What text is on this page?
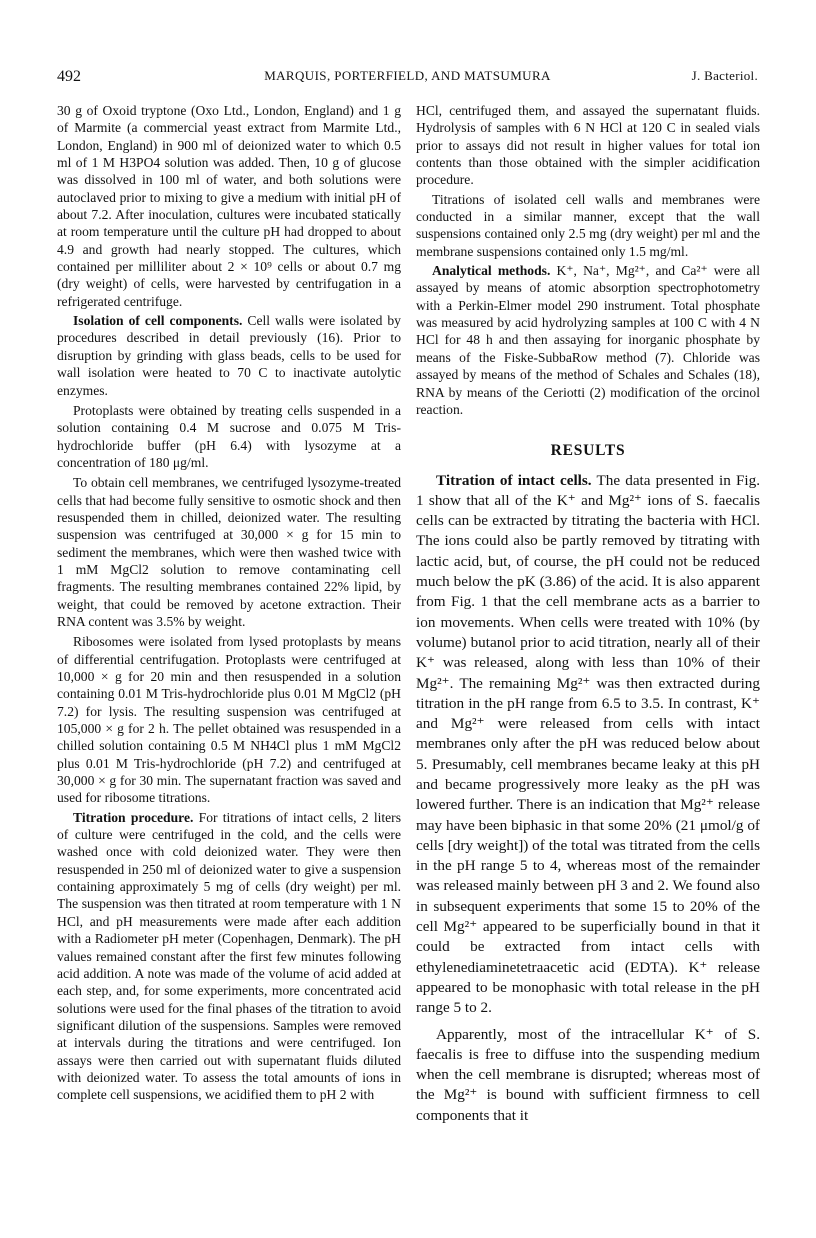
492	MARQUIS, PORTERFIELD, AND MATSUMURA	J. Bacteriol.

30 g of Oxoid tryptone (Oxo Ltd., London, England) and 1 g of Marmite (a commercial yeast extract from Marmite Ltd., London, England) in 900 ml of deionized water to which 0.5 ml of 1 M H3PO4 solution was added. Then, 10 g of glucose was dissolved in 100 ml of water, and both solutions were autoclaved prior to mixing to give a medium with initial pH of about 7.2. After inoculation, cultures were incubated statically at room temperature until the culture pH had dropped to about 4.9 and growth had nearly stopped. The cultures, which contained per milliliter about 2 × 10⁹ cells or about 0.7 mg (dry weight) of cells, were harvested by centrifugation in a refrigerated centrifuge.

Isolation of cell components. Cell walls were isolated by procedures described in detail previously (16). Prior to disruption by grinding with glass beads, cells to be used for wall isolation were heated to 70 C to inactivate autolytic enzymes.

Protoplasts were obtained by treating cells suspended in a solution containing 0.4 M sucrose and 0.075 M Tris-hydrochloride buffer (pH 6.4) with lysozyme at a concentration of 180 μg/ml.

To obtain cell membranes, we centrifuged lysozyme-treated cells that had become fully sensitive to osmotic shock and then resuspended them in chilled, deionized water. The resulting suspension was centrifuged at 30,000 × g for 15 min to sediment the membranes, which were then washed twice with 1 mM MgCl2 solution to remove contaminating cell fragments. The resulting membranes contained 22% lipid, by weight, that could be removed by acetone extraction. Their RNA content was 3.5% by weight.

Ribosomes were isolated from lysed protoplasts by means of differential centrifugation. Protoplasts were centrifuged at 10,000 × g for 20 min and then resuspended in a solution containing 0.01 M Tris-hydrochloride plus 0.01 M MgCl2 (pH 7.2) for lysis. The resulting suspension was centrifuged at 105,000 × g for 2 h. The pellet obtained was resuspended in a chilled solution containing 0.5 M NH4Cl plus 1 mM MgCl2 plus 0.01 M Tris-hydrochloride (pH 7.2) and centrifuged at 30,000 × g for 30 min. The supernatant fraction was saved and used for ribosome titrations.

Titration procedure. For titrations of intact cells, 2 liters of culture were centrifuged in the cold, and the cells were washed once with cold deionized water. They were then resuspended in 250 ml of deionized water to give a suspension containing approximately 5 mg of cells (dry weight) per ml. The suspension was then titrated at room temperature with 1 N HCl, and pH measurements were made after each addition with a Radiometer pH meter (Copenhagen, Denmark). The pH values remained constant after the first few minutes following acid addition. A note was made of the volume of acid added at each step, and, for some experiments, more concentrated acid solutions were used for the final phases of the titration to avoid significant dilution of the suspensions. Samples were removed at intervals during the titrations and were centrifuged. Ion assays were then carried out with supernatant fluids diluted with deionized water. To assess the total amounts of ions in complete cell suspensions, we acidified them to pH 2 with

HCl, centrifuged them, and assayed the supernatant fluids. Hydrolysis of samples with 6 N HCl at 120 C in sealed vials prior to assays did not result in higher values for total ion contents than those obtained with the simpler acidification procedure.

Titrations of isolated cell walls and membranes were conducted in a similar manner, except that the wall suspensions contained only 2.5 mg (dry weight) per ml and the membrane suspensions contained only 1.5 mg/ml.

Analytical methods. K⁺, Na⁺, Mg²⁺, and Ca²⁺ were all assayed by means of atomic absorption spectrophotometry with a Perkin-Elmer model 290 instrument. Total phosphate was measured by acid hydrolyzing samples at 100 C with 4 N HCl for 48 h and then assaying for inorganic phosphate by means of the Fiske-SubbaRow method (7). Chloride was assayed by means of the method of Schales and Schales (18), RNA by means of the Ceriotti (2) modification of the orcinol reaction.

RESULTS

Titration of intact cells. The data presented in Fig. 1 show that all of the K⁺ and Mg²⁺ ions of S. faecalis cells can be extracted by titrating the bacteria with HCl. The ions could also be partly removed by titrating with lactic acid, but, of course, the pH could not be reduced much below the pK (3.86) of the acid. It is also apparent from Fig. 1 that the cell membrane acts as a barrier to ion movements. When cells were treated with 10% (by volume) butanol prior to acid titration, nearly all of their K⁺ was released, along with less than 10% of their Mg²⁺. The remaining Mg²⁺ was then extracted during titration in the pH range from 6.5 to 3.5. In contrast, K⁺ and Mg²⁺ were released from cells with intact membranes only after the pH was reduced below about 5. Presumably, cell membranes became leaky at this pH and became progressively more leaky as the pH was lowered further. There is an indication that Mg²⁺ release may have been biphasic in that some 20% (21 μmol/g of cells [dry weight]) of the total was titrated from the cells in the pH range 5 to 4, whereas most of the remainder was released mainly between pH 3 and 2. We found also in subsequent experiments that some 15 to 20% of the cell Mg²⁺ appeared to be superficially bound in that it could be extracted from intact cells with ethylenediaminetetraacetic acid (EDTA). K⁺ release appeared to be monophasic with total release in the pH range 5 to 2.

Apparently, most of the intracellular K⁺ of S. faecalis is free to diffuse into the suspending medium when the cell membrane is disrupted; whereas most of the Mg²⁺ is bound with sufficient firmness to cell components that it
